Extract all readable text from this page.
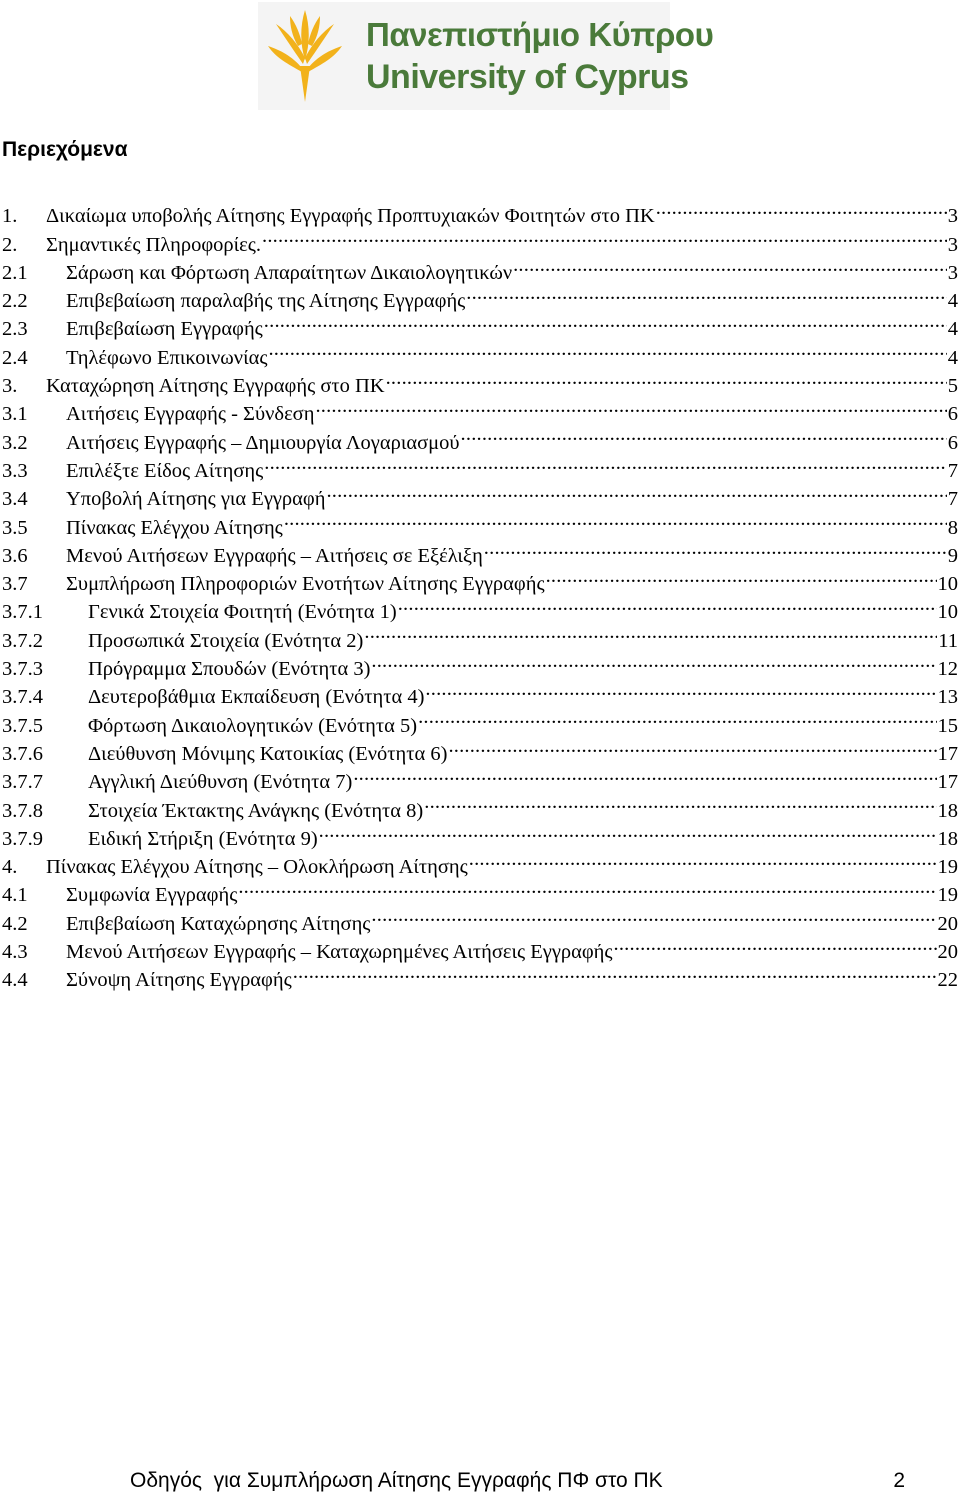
Πανεπιστήμιο Κύπρου
University of Cyprus
Περιεχόμενα
1.	Δικαίωμα υποβολής Αίτησης Εγγραφής Προπτυχιακών Φοιτητών στο ΠΚ .....	3
2.	Σημαντικές Πληροφορίες. .....	3
2.1	Σάρωση και Φόρτωση Απαραίτητων Δικαιολογητικών .....	3
2.2	Επιβεβαίωση παραλαβής της Αίτησης Εγγραφής .....	4
2.3	Επιβεβαίωση Εγγραφής .....	4
2.4	Τηλέφωνο Επικοινωνίας .....	4
3.	Καταχώρηση Αίτησης Εγγραφής στο ΠΚ .....	5
3.1	Αιτήσεις Εγγραφής - Σύνδεση .....	6
3.2	Αιτήσεις Εγγραφής – Δημιουργία Λογαριασμού .....	6
3.3	Επιλέξτε Είδος Αίτησης .....	7
3.4	Υποβολή Αίτησης για Εγγραφή .....	7
3.5	Πίνακας Ελέγχου Αίτησης .....	8
3.6	Μενού Αιτήσεων Εγγραφής – Αιτήσεις σε Εξέλιξη .....	9
3.7	Συμπλήρωση Πληροφοριών Ενοτήτων Αίτησης Εγγραφής .....	10
3.7.1	Γενικά Στοιχεία Φοιτητή (Ενότητα 1) .....	10
3.7.2	Προσωπικά Στοιχεία (Ενότητα 2) .....	11
3.7.3	Πρόγραμμα Σπουδών (Ενότητα 3) .....	12
3.7.4	Δευτεροβάθμια Εκπαίδευση (Ενότητα 4) .....	13
3.7.5	Φόρτωση Δικαιολογητικών (Ενότητα 5) .....	15
3.7.6	Διεύθυνση Μόνιμης Κατοικίας (Ενότητα 6) .....	17
3.7.7	Αγγλική Διεύθυνση (Ενότητα 7) .....	17
3.7.8	Στοιχεία Έκτακτης Ανάγκης (Ενότητα 8) .....	18
3.7.9	Ειδική Στήριξη (Ενότητα 9) .....	18
4.	Πίνακας Ελέγχου Αίτησης – Ολοκλήρωση Αίτησης .....	19
4.1	Συμφωνία Εγγραφής .....	19
4.2	Επιβεβαίωση Καταχώρησης Αίτησης .....	20
4.3	Μενού Αιτήσεων Εγγραφής – Καταχωρημένες Αιτήσεις Εγγραφής .....	20
4.4	Σύνοψη Αίτησης Εγγραφής .....	22
Οδηγός  για Συμπλήρωση Αίτησης Εγγραφής ΠΦ στο ΠΚ	2
